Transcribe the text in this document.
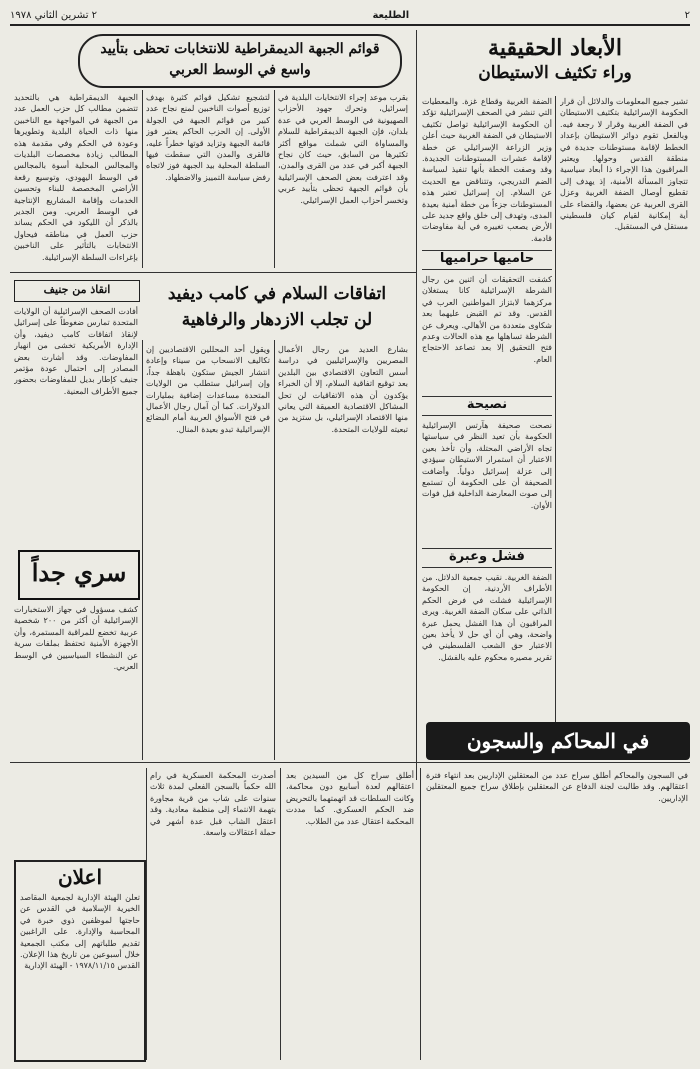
٢
الطليعة
٢ تشرين الثاني ١٩٧٨
قوائم الجبهة الديمقراطية للانتخابات تحظى بتأييد واسع في الوسط العربي
الجبهة الديمقراطية هي بالتحديد تتضمن مطالب كل حزب العمل عدد من الجبهة في المواجهة مع الناخبين منها ذات الحياة البلدية وتطويرها وعودة في الحكم وفي مقدمة هذه المطالب زيادة مخصصات البلديات والمجالس المحلية أسوة بالمجالس في الوسط اليهودي، وتوسيع رقعة الأراضي المخصصة للبناء وتحسين الخدمات وإقامة المشاريع الإنتاجية في الوسط العربي. ومن الجدير بالذكر أن الليكود في الحكم يساند حزب العمل في مناطقه فيحاول الانتخابات بالتأثير على الناخبين بإغراءات السلطة الإسرائيلية.
لتشجيع تشكيل قوائم كثيرة بهدف توزيع أصوات الناخبين لمنع نجاح عدد كبير من قوائم الجبهة في الجولة الأولى. إن الحزب الحاكم يعتبر فوز قائمة الجبهة وتزايد قوتها خطراً عليه، فالقرى والمدن التي سقطت فيها السلطة المحلية بيد الجبهة فوز لاتجاه رفض سياسة التمييز والاضطهاد.
بقرب موعد إجراء الانتخابات البلدية في إسرائيل، وتحرك جهود الأحزاب الصهيونية في الوسط العربي في عدة بلدان، فإن الجبهة الديمقراطية للسلام والمساواة التي شملت مواقع أكثر تكثيرها من السابق، حيث كان نجاح الجبهة أكبر في عدد من القرى والمدن، وقد اعترفت بعض الصحف الإسرائيلية بأن قوائم الجبهة تحظى بتأييد عربي وتخسر أحزاب العمل الإسرائيلي.
الأبعاد الحقيقية
وراء تكثيف الاستيطان
الضفة الغربية وقطاع غزة. والمعطيات التي تنشر في الصحف الإسرائيلية تؤكد أن الحكومة الإسرائيلية تواصل تكثيف الاستيطان في الضفة الغربية حيث أعلن وزير الزراعة الإسرائيلي عن خطة لإقامة عشرات المستوطنات الجديدة. وقد وصفت الخطة بأنها تنفيذ لسياسة الضم التدريجي، وتتناقض مع الحديث عن السلام. إن إسرائيل تعتبر هذه المستوطنات جزءاً من خطة أمنية بعيدة المدى، وتهدف إلى خلق واقع جديد على الأرض يصعب تغييره في أية مفاوضات قادمة.
تشير جميع المعلومات والدلائل أن قرار الحكومة الإسرائيلية بتكثيف الاستيطان في الضفة الغربية وقرار لا رجعة فيه. وبالفعل تقوم دوائر الاستيطان بإعداد الخطط لإقامة مستوطنات جديدة في منطقة القدس وحولها. ويعتبر المراقبون هذا الإجراء ذا أبعاد سياسية تتجاوز المسألة الأمنية، إذ يهدف إلى تقطيع أوصال الضفة الغربية وعزل القرى العربية عن بعضها، والقضاء على أية إمكانية لقيام كيان فلسطيني مستقل في المستقبل.
حاميها حراميها
كشفت التحقيقات أن اثنين من رجال الشرطة الإسرائيلية كانا يستغلان مركزهما لابتزاز المواطنين العرب في القدس. وقد تم القبض عليهما بعد شكاوى متعددة من الأهالي. ويعرف عن الشرطة تساهلها مع هذه الحالات وعدم فتح التحقيق إلا بعد تصاعد الاحتجاج العام.
نصيحة
نصحت صحيفة هآرتس الإسرائيلية الحكومة بأن تعيد النظر في سياستها تجاه الأراضي المحتلة، وأن تأخذ بعين الاعتبار أن استمرار الاستيطان سيؤدي إلى عزلة إسرائيل دولياً. وأضافت الصحيفة أن على الحكومة أن تستمع إلى صوت المعارضة الداخلية قبل فوات الأوان.
فشل وعبرة
الضفة الغربية. نقيب جمعية الدلاتل. من الأطراف الأردنية، إن الحكومة الإسرائيلية فشلت في فرض الحكم الذاتي على سكان الضفة الغربية. ويرى المراقبون أن هذا الفشل يحمل عبرة واضحة، وهي أن أي حل لا يأخذ بعين الاعتبار حق الشعب الفلسطيني في تقرير مصيره محكوم عليه بالفشل.
انقاذ من جنيف
أفادت الصحف الإسرائيلية أن الولايات المتحدة تمارس ضغوطاً على إسرائيل لإنقاذ اتفاقات كامب ديفيد، وأن الإدارة الأمريكية تخشى من انهيار المفاوضات. وقد أشارت بعض المصادر إلى احتمال عودة مؤتمر جنيف كإطار بديل للمفاوضات بحضور جميع الأطراف المعنية.
اتفاقات السلام في كامب ديفيد
لن تجلب الازدهار والرفاهية
بشارع العديد من رجال الأعمال المصريين والإسرائيليين في دراسة أسس التعاون الاقتصادي بين البلدين بعد توقيع اتفاقية السلام، إلا أن الخبراء يؤكدون أن هذه الاتفاقيات لن تحل المشاكل الاقتصادية العميقة التي يعاني منها الاقتصاد الإسرائيلي، بل ستزيد من تبعيته للولايات المتحدة.
ويقول أحد المحللين الاقتصاديين إن تكاليف الانسحاب من سيناء وإعادة انتشار الجيش ستكون باهظة جداً، وإن إسرائيل ستطلب من الولايات المتحدة مساعدات إضافية بمليارات الدولارات. كما أن آمال رجال الأعمال في فتح الأسواق العربية أمام البضائع الإسرائيلية تبدو بعيدة المنال.
سري جداً
كشف مسؤول في جهاز الاستخبارات الإسرائيلية أن أكثر من ٢٠٠ شخصية عربية تخضع للمراقبة المستمرة، وأن الأجهزة الأمنية تحتفظ بملفات سرية عن النشطاء السياسيين في الوسط العربي.
في المحاكم والسجون
أصدرت المحكمة العسكرية في رام الله حكماً بالسجن الفعلي لمدة ثلاث سنوات على شاب من قرية مجاورة بتهمة الانتماء إلى منظمة معادية. وقد اعتقل الشاب قبل عدة أشهر في حملة اعتقالات واسعة.
أطلق سراح كل من السيدين بعد اعتقالهم لعدة أسابيع دون محاكمة، وكانت السلطات قد اتهمتهما بالتحريض ضد الحكم العسكري. كما مددت المحكمة اعتقال عدد من الطلاب.
في السجون والمحاكم أطلق سراح عدد من المعتقلين الإداريين بعد انتهاء فترة اعتقالهم. وقد طالبت لجنة الدفاع عن المعتقلين بإطلاق سراح جميع المعتقلين الإداريين.
اعلان
تعلن الهيئة الإدارية لجمعية المقاصد الخيرية الإسلامية في القدس عن حاجتها لموظفين ذوي خبرة في المحاسبة والإدارة. على الراغبين تقديم طلباتهم إلى مكتب الجمعية خلال أسبوعين من تاريخ هذا الإعلان. القدس ١٩٧٨/١١/١٥ - الهيئة الإدارية
